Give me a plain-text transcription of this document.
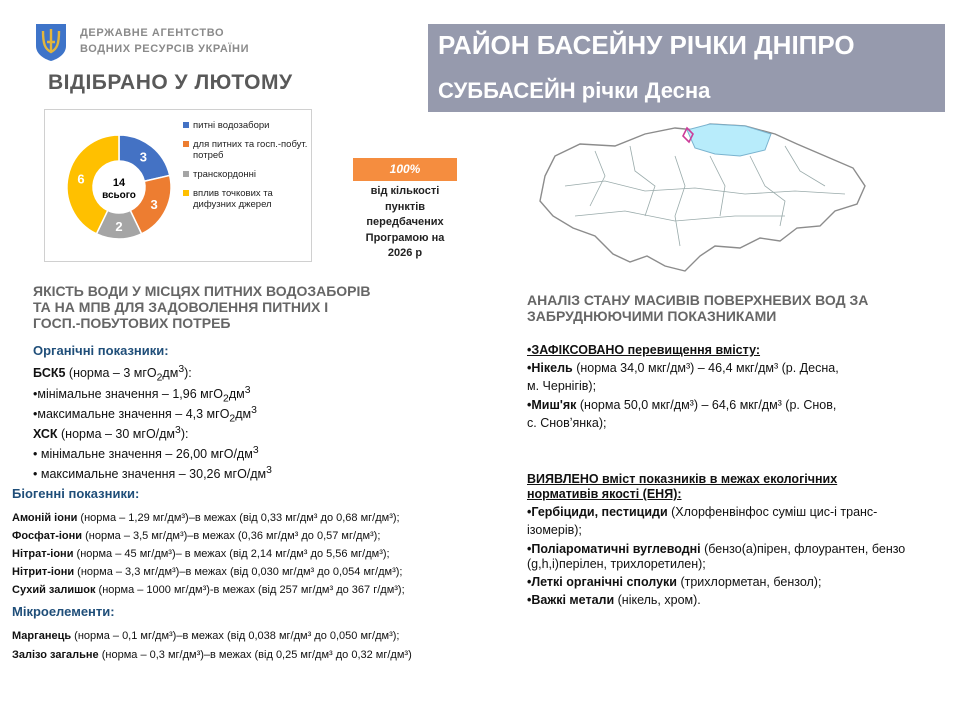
ДЕРЖАВНЕ АГЕНТСТВО
ВОДНИХ РЕСУРСІВ УКРАЇНИ	РАЙОН БАСЕЙНУ РІЧКИ ДНІПРО
СУББАСЕЙН річки Десна
ВІДІБРАНО У ЛЮТОМУ
3
3
2
6	14
всього
питні водозабори
для питних та госп.-побут. потреб
транскордонні
вплив точкових та дифузних джерел
100%
від кількості
пунктів
передбачених
Програмою на
2026 р
ЯКІСТЬ ВОДИ У МІСЦЯХ ПИТНИХ ВОДОЗАБОРІВ
ТА НА МПВ ДЛЯ ЗАДОВОЛЕННЯ ПИТНИХ І
ГОСП.-ПОБУТОВИХ ПОТРЕБ
Органічні показники:
БСК5 (норма – 3 $мгО_2дм^3$):
•мінімальне значення – 1,96 $мгО_2дм^3$
•максимальне значення – 4,3 $мгО_2дм^3$
ХСК (норма – 30 мгО/$дм^3$):
• мінімальне значення – 26,00 мгО/$дм^3$
• максимальне значення – 30,26 мгО/$дм^3$
Біогенні показники:
Амоній іони (норма – 1,29 мг/дм³)–в межах (від 0,33 мг/дм³ до 0,68 мг/дм³);
Фосфат-іони (норма – 3,5 мг/дм³)–в межах (0,36 мг/дм³ до 0,57 мг/дм³);
Нітрат-іони (норма – 45 мг/дм³)– в межах (від 2,14 мг/дм³ до 5,56 мг/дм³);
Нітрит-іони (норма – 3,3 мг/дм³)–в межах (від 0,030 мг/дм³ до 0,054 мг/дм³);
Сухий залишок (норма – 1000 мг/дм³)-в межах (від 257 мг/дм³ до 367 г/дм³);
Мікроелементи:
Марганець (норма – 0,1 мг/дм³)–в межах (від 0,038 мг/дм³ до 0,050 мг/дм³);
Залізо загальне (норма – 0,3 мг/дм³)–в межах (від 0,25 мг/дм³ до 0,32 мг/дм³)
АНАЛІЗ СТАНУ МАСИВІВ ПОВЕРХНЕВИХ ВОД ЗА
ЗАБРУДНЮЮЧИМИ ПОКАЗНИКАМИ
•ЗАФІКСОВАНО перевищення вмісту:
•Нікель (норма 34,0 мкг/дм³) – 46,4 мкг/дм³ (р. Десна,
м. Чернігів);
•Миш'як (норма 50,0 мкг/дм³) – 64,6 мкг/дм³ (р. Снов,
с. Сновʼянка);
ВИЯВЛЕНО вміст показників в межах екологічних
нормативів якості (ЕНЯ):
•Гербіциди, пестициди (Хлорфенвінфос суміш цис-і транс-
ізомерів);
•Поліароматичні вуглеводні (бензо(а)пірен, флоурантен, бензо
(g,h,i)перілен, трихлоретилен);
•Леткі органічні сполуки (трихлорметан, бензол);
•Важкі метали (нікель, хром).
